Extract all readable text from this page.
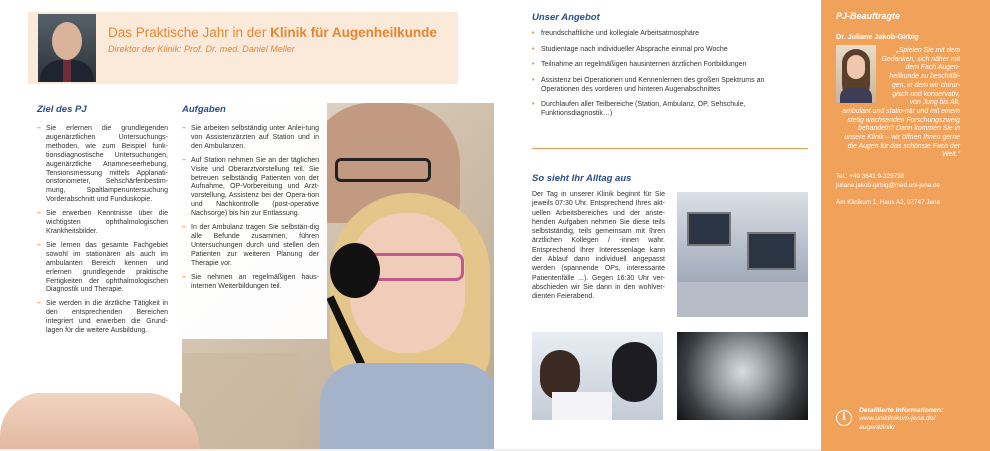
Das Praktische Jahr in der Klinik für Augenheilkunde
Direktor der Klinik: Prof. Dr. med. Daniel Meller
Ziel des PJ
– Sie erlernen die grundlegenden augenärztlichen Untersuchungs-methoden, wie zum Beispiel funk-tionsdiagnostische Untersuchungen, augenärztliche Anamneseerhebung, Tensionsmessung mittels Applanati-onstonometer, Sehschärfenbestim-mung, Spaltlampenuntersuchung Vorderabschnitt und Funduskopie.
– Sie erwerben Kenntnisse über die wichtigsten ophthalmologischen Krankheitsbilder.
– Sie lernen das gesamte Fachgebiet sowohl im stationären als auch im ambulanten Bereich kennen und erlernen grundlegende praktische Fertigkeiten der ophthalmologischen Diagnostik und Therapie.
– Sie werden in die ärztliche Tätigkeit in den entsprechenden Bereichen integriert und erwerben die Grund-lagen für die weitere Ausbildung.
Aufgaben
– Sie arbeiten selbständig unter Anlei-tung von Assistenzärzten auf Station und in den Ambulanzen.
– Auf Station nehmen Sie an der täglichen Visite und Oberarztvorstellung teil. Sie betreuen selbständig Patienten von der Aufnahme, OP-Vorbereitung und Arzt-vorstellung, Assistenz bei der Opera-tion und Nachkontrolle (post-operative Nachsorge) bis hin zur Entlassung.
– In der Ambulanz tragen Sie selbstän-dig alle Befunde zusammen, führen Untersuchungen durch und stellen den Patienten zur weiteren Planung der Therapie vor.
– Sie nehmen an regelmäßigen haus-internen Weiterbildungen teil.
Unser Angebot
• freundschaftliche und kollegiale Arbeitsatmosphäre
• Studientage nach individueller Absprache einmal pro Woche
• Teilnahme an regelmäßigen hausinternen ärztlichen Fortbildungen
• Assistenz bei Operationen und Kennenlernen des großen Spektrums an Operationen des vorderen und hinteren Augenabschnittes
• Durchlaufen aller Teilbereiche (Station, Ambulanz, OP, Sehschule, Funktionsdiagnostik…)
So sieht Ihr Alltag aus
Der Tag in unserer Klinik beginnt für Sie jeweils 07:30 Uhr. Entsprechend Ihres akt-uellen Arbeitsbereiches und der anste-henden Aufgaben nehmen Sie diese teils selbstständig, teils gemeinsam mit Ihren ärztlichen Kollegen / -innen wahr. Entsprechend Ihrer Interessenlage kann der Ablauf dann individuell angepasst werden (spannende OPs, interessante Patientenfälle ...). Gegen 16:30 Uhr ver-abschieden wir Sie dann in den wohlver-dienten Feierabend.
PJ-Beauftragte
Dr. Juliane Jakob-Girbig
„Spielen Sie mit dem Gedanken, sich näher mit dem Fach Augen-heilkunde zu beschäfti-gen, in dem wir chirur-gisch und konservativ, von Jung bis Alt, ambulant und statio-när und mit einem stetig wachsenden Forschungszweig behandeln? Dann kommen Sie in unsere Klinik – wir öffnen Ihnen gerne die Augen für das schönste Fach der Welt.“
Tel.: +49 3641 9-329738
juliane.jakob-girbig@med.uni-jena.de
Am Klinikum 1, Haus A2, 07747 Jena
i
Detaillierte Informationen:
www.uniklinikum-jena.de/
augenklinik/
